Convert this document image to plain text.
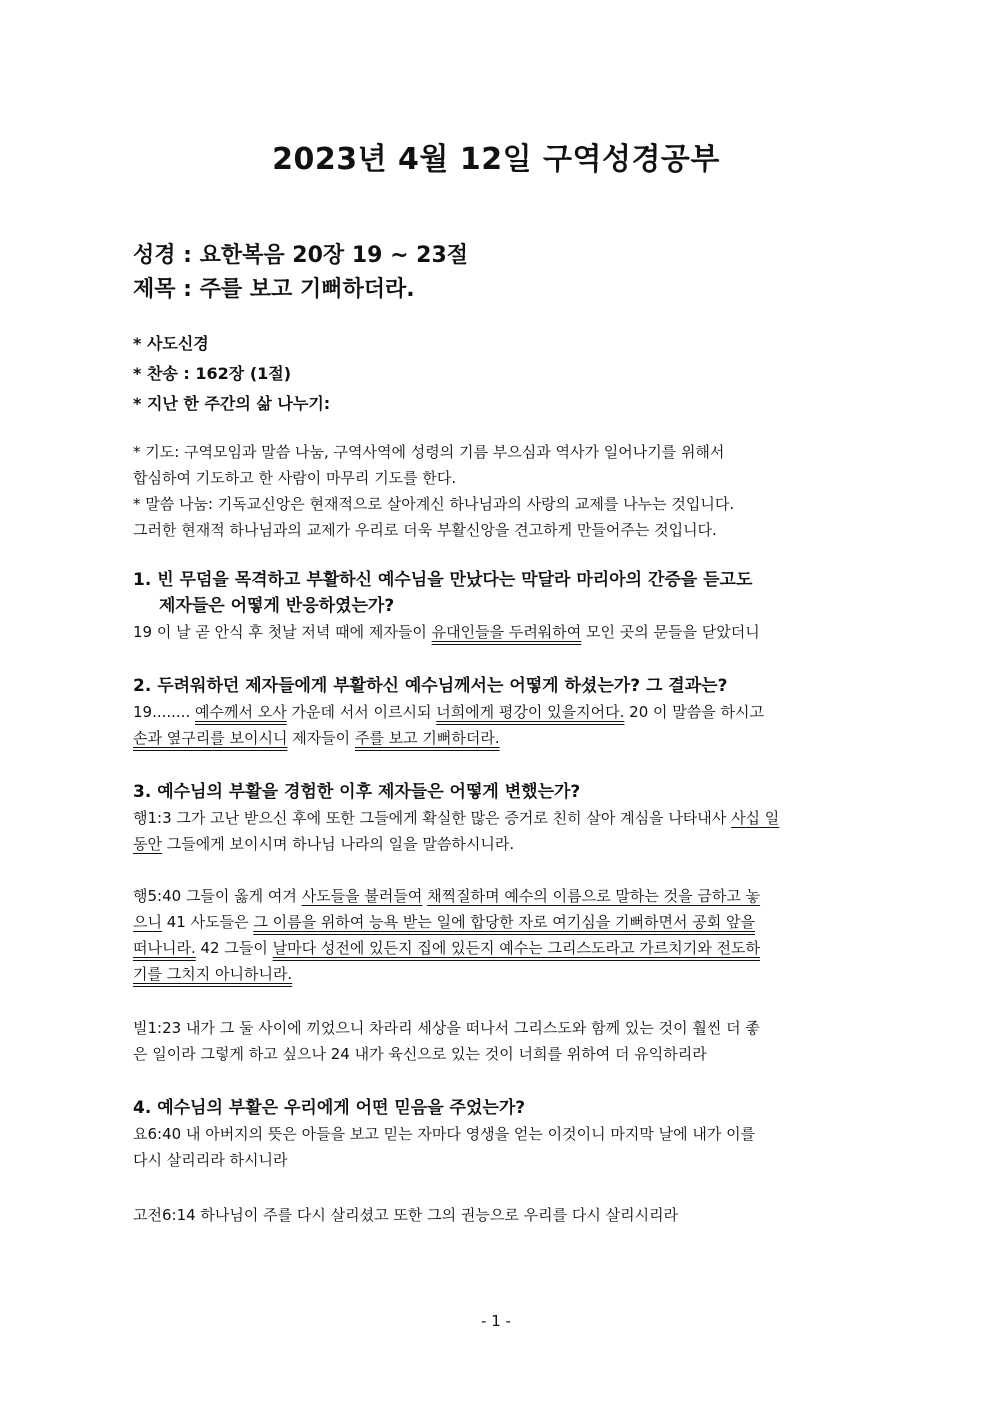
2023년 4월 12일 구역성경공부
성경 : 요한복음 20장 19 ~ 23절
제목 : 주를 보고 기뻐하더라.
* 사도신경
* 찬송 : 162장 (1절)
* 지난 한 주간의 삶 나누기:
* 기도: 구역모임과 말씀 나눔, 구역사역에 성령의 기름 부으심과 역사가 일어나기를 위해서
합심하여 기도하고 한 사람이 마무리 기도를 한다.
* 말씀 나눔: 기독교신앙은 현재적으로 살아계신 하나님과의 사랑의 교제를 나누는 것입니다.
그러한 현재적 하나님과의 교제가 우리로 더욱 부활신앙을 견고하게 만들어주는 것입니다.
1. 빈 무덤을 목격하고 부활하신 예수님을 만났다는 막달라 마리아의 간증을 듣고도
제자들은 어떻게 반응하였는가?
19 이 날 곧 안식 후 첫날 저녁 때에 제자들이 유대인들을 두려워하여 모인 곳의 문들을 닫았더니
2. 두려워하던 제자들에게 부활하신 예수님께서는 어떻게 하셨는가? 그 결과는?
19........ 예수께서 오사 가운데 서서 이르시되 너희에게 평강이 있을지어다. 20 이 말씀을 하시고
손과 옆구리를 보이시니 제자들이 주를 보고 기뻐하더라.
3. 예수님의 부활을 경험한 이후 제자들은 어떻게 변했는가?
행1:3 그가 고난 받으신 후에 또한 그들에게 확실한 많은 증거로 친히 살아 계심을 나타내사 사십 일
동안 그들에게 보이시며 하나님 나라의 일을 말씀하시니라.
행5:40 그들이 옳게 여겨 사도들을 불러들여 채찍질하며 예수의 이름으로 말하는 것을 금하고 놓
으니 41 사도들은 그 이름을 위하여 능욕 받는 일에 합당한 자로 여기심을 기뻐하면서 공회 앞을
떠나니라. 42 그들이 날마다 성전에 있든지 집에 있든지 예수는 그리스도라고 가르치기와 전도하
기를 그치지 아니하니라.
빌1:23 내가 그 둘 사이에 끼었으니 차라리 세상을 떠나서 그리스도와 함께 있는 것이 훨씬 더 좋
은 일이라 그렇게 하고 싶으나 24 내가 육신으로 있는 것이 너희를 위하여 더 유익하리라
4. 예수님의 부활은 우리에게 어떤 믿음을 주었는가?
요6:40 내 아버지의 뜻은 아들을 보고 믿는 자마다 영생을 얻는 이것이니 마지막 날에 내가 이를
다시 살리리라 하시니라
고전6:14 하나님이 주를 다시 살리셨고 또한 그의 권능으로 우리를 다시 살리시리라
- 1 -
